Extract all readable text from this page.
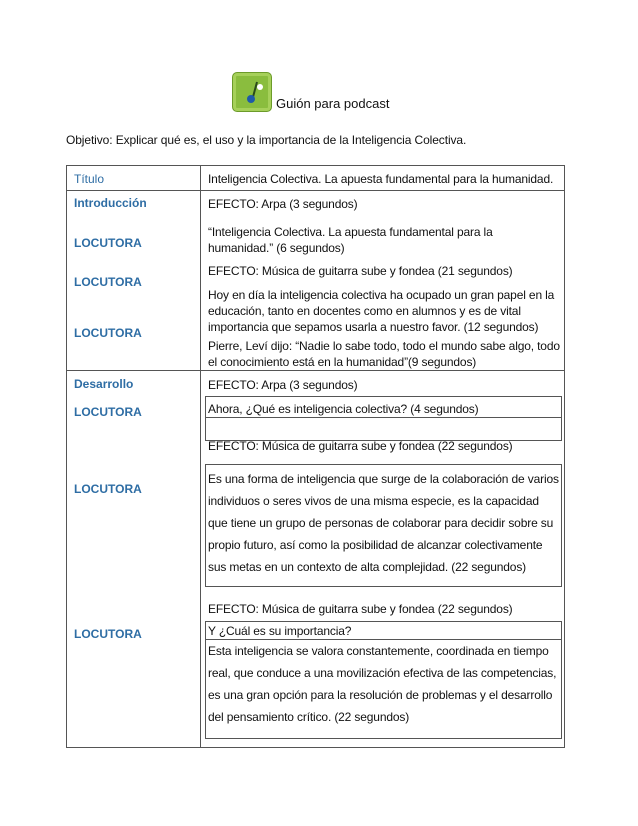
Guión para podcast
Objetivo: Explicar qué es, el uso y la importancia de la Inteligencia Colectiva.
Título	Inteligencia Colectiva. La apuesta fundamental para la humanidad.
Introducción
LOCUTORA
LOCUTORA
LOCUTORA
EFECTO: Arpa (3 segundos)
“Inteligencia Colectiva. La apuesta fundamental para la humanidad.” (6 segundos)
EFECTO: Música de guitarra sube y fondea (21 segundos)
Hoy en día la inteligencia colectiva ha ocupado un gran papel en la educación, tanto en docentes como en alumnos y es de vital importancia que sepamos usarla a nuestro favor. (12 segundos)
Pierre, Leví dijo: “Nadie lo sabe todo, todo el mundo sabe algo, todo el conocimiento está en la humanidad”(9 segundos)
Desarrollo
LOCUTORA
LOCUTORA
LOCUTORA
EFECTO: Arpa (3 segundos)
Ahora, ¿Qué es inteligencia colectiva? (4 segundos)
EFECTO: Música de guitarra sube y fondea (22 segundos)
Es una forma de inteligencia que surge de la colaboración de varios individuos o seres vivos de una misma especie, es la capacidad que tiene un grupo de personas de colaborar para decidir sobre su propio futuro, así como la posibilidad de alcanzar colectivamente sus metas en un contexto de alta complejidad. (22 segundos)
EFECTO: Música de guitarra sube y fondea (22 segundos)
Y ¿Cuál es su importancia?
Esta inteligencia se valora constantemente, coordinada en tiempo real, que conduce a una movilización efectiva de las competencias, es una gran opción para la resolución de problemas y el desarrollo del pensamiento crítico. (22 segundos)
